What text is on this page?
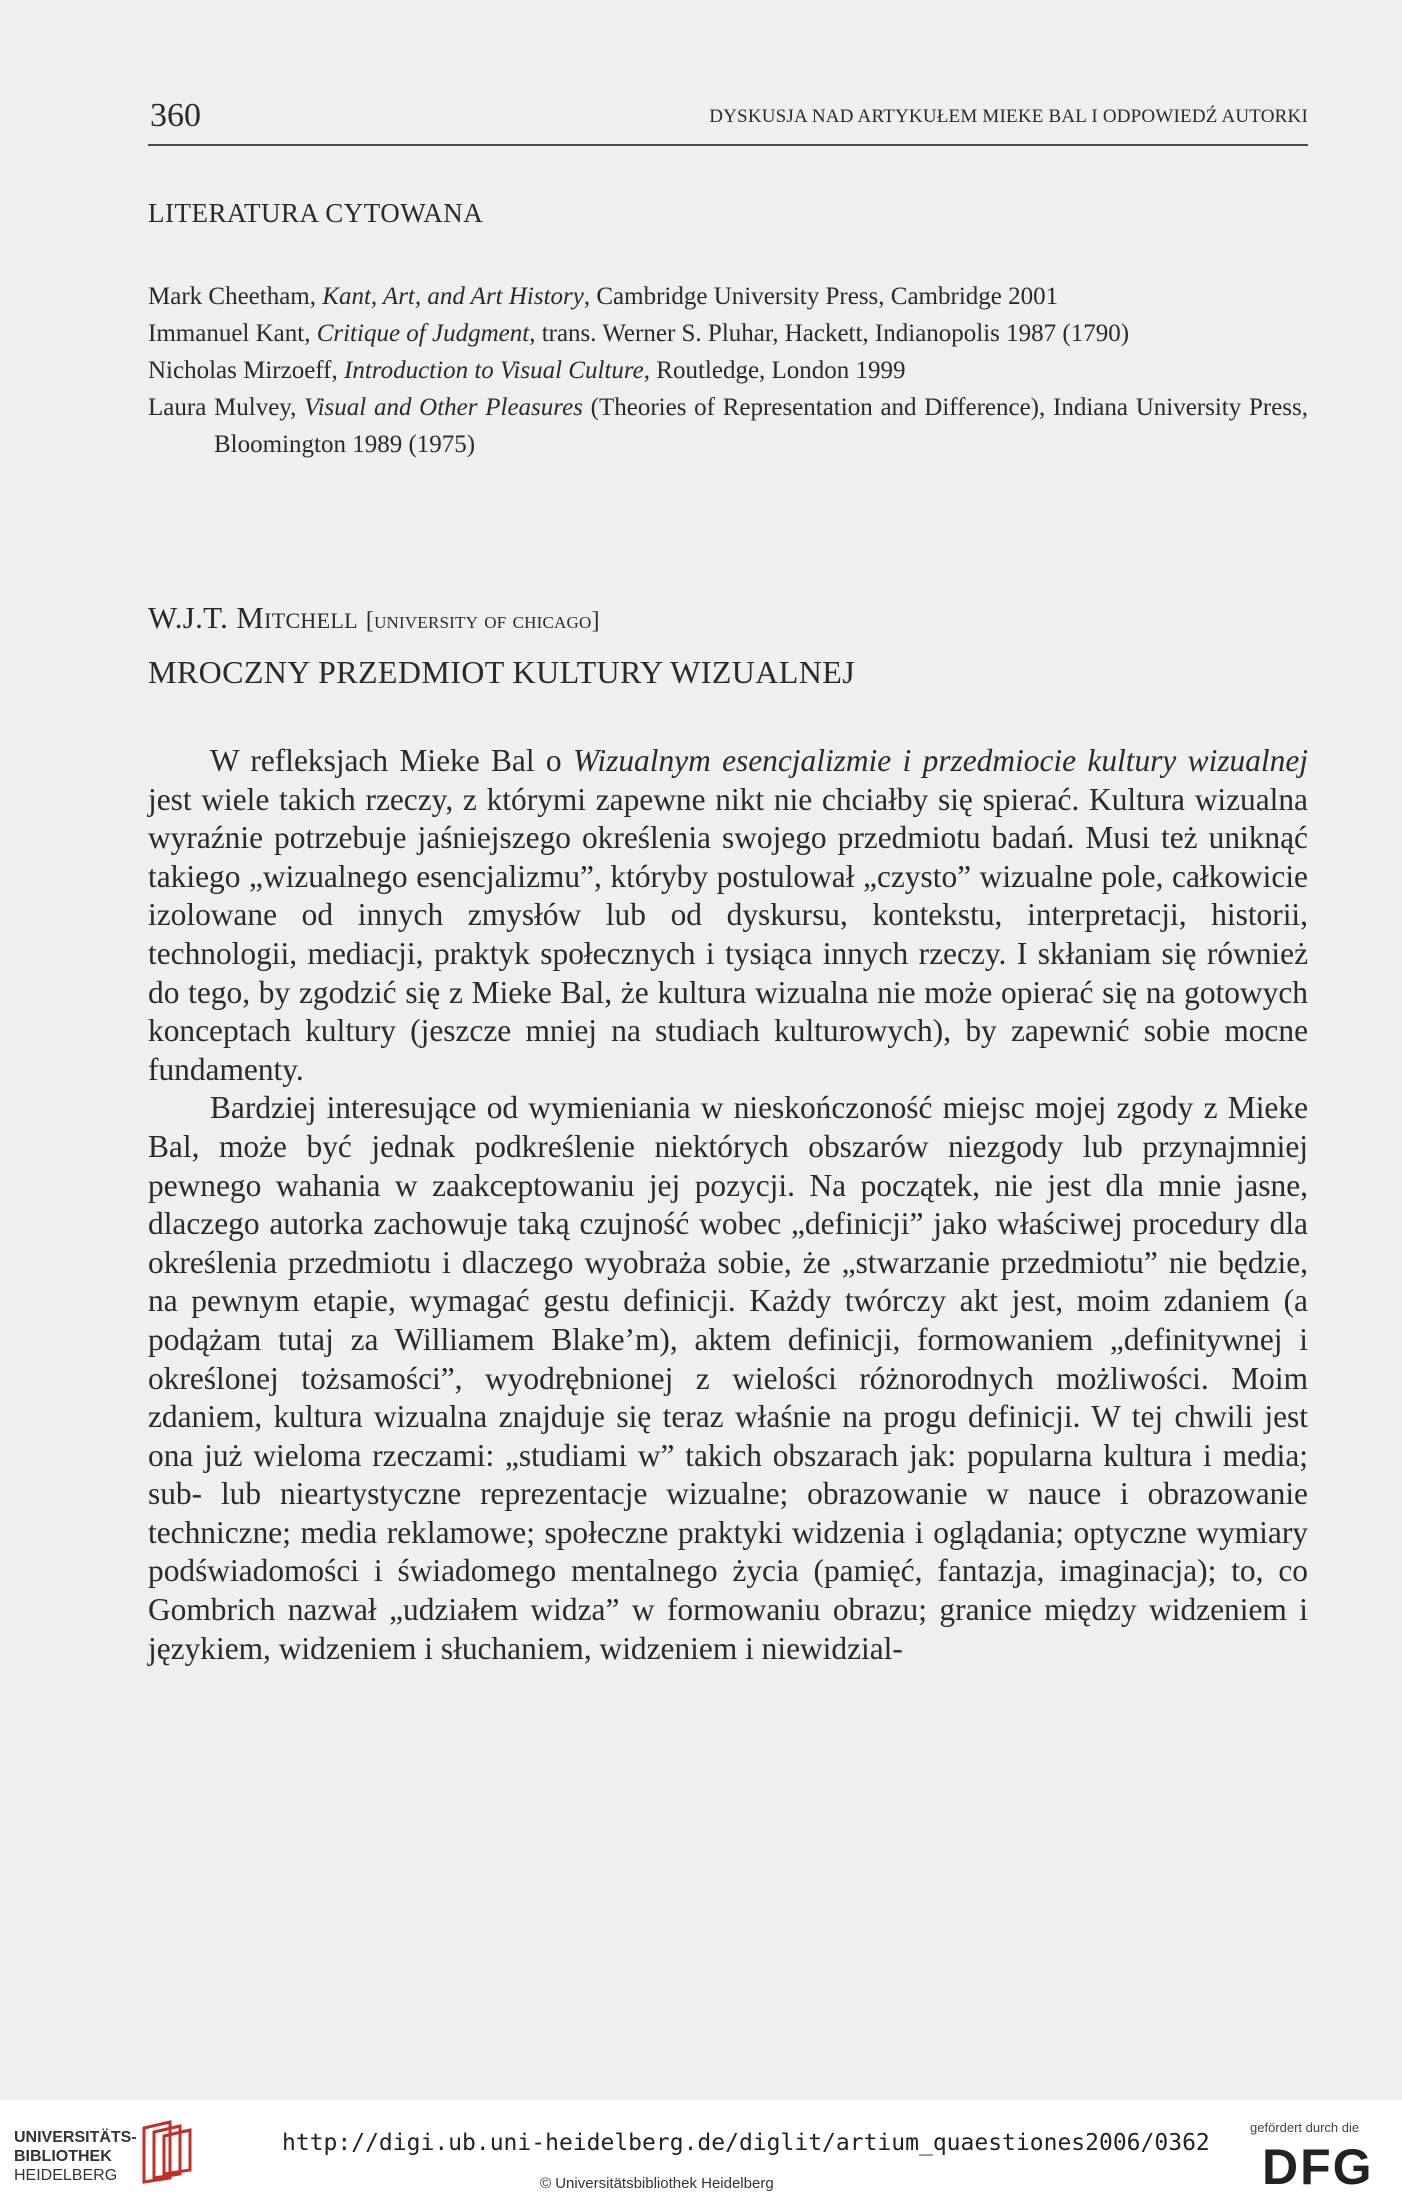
360	DYSKUSJA NAD ARTYKUŁEM MIEKE BAL I ODPOWIEDŹ AUTORKI
LITERATURA CYTOWANA
Mark Cheetham, Kant, Art, and Art History, Cambridge University Press, Cambridge 2001
Immanuel Kant, Critique of Judgment, trans. Werner S. Pluhar, Hackett, Indianopolis 1987 (1790)
Nicholas Mirzoeff, Introduction to Visual Culture, Routledge, London 1999
Laura Mulvey, Visual and Other Pleasures (Theories of Representation and Difference), Indiana University Press, Bloomington 1989 (1975)
W.J.T. Mitchell [university of chicago]
MROCZNY PRZEDMIOT KULTURY WIZUALNEJ

W refleksjach Mieke Bal o Wizualnym esencjalizmie i przedmiocie kultury wizualnej jest wiele takich rzeczy, z którymi zapewne nikt nie chciałby się spierać. Kultura wizualna wyraźnie potrzebuje jaśniejszego określenia swojego przedmiotu badań. Musi też uniknąć takiego „wizualnego esencjalizmu”, któryby postulował „czysto” wizualne pole, całkowicie izolowane od innych zmysłów lub od dyskursu, kontekstu, interpretacji, historii, technologii, mediacji, praktyk społecznych i tysiąca innych rzeczy. I skłaniam się również do tego, by zgodzić się z Mieke Bal, że kultura wizualna nie może opierać się na gotowych konceptach kultury (jeszcze mniej na studiach kulturowych), by zapewnić sobie mocne fundamenty.

Bardziej interesujące od wymieniania w nieskończoność miejsc mojej zgody z Mieke Bal, może być jednak podkreślenie niektórych obszarów niezgody lub przynajmniej pewnego wahania w zaakceptowaniu jej pozycji. Na początek, nie jest dla mnie jasne, dlaczego autorka zachowuje taką czujność wobec „definicji” jako właściwej procedury dla określenia przedmiotu i dlaczego wyobraża sobie, że „stwarzanie przedmiotu” nie będzie, na pewnym etapie, wymagać gestu definicji. Każdy twórczy akt jest, moim zdaniem (a podążam tutaj za Williamem Blake’m), aktem definicji, formowaniem „definitywnej i określonej tożsamości”, wyodrębnionej z wielości różnorodnych możliwości. Moim zdaniem, kultura wizualna znajduje się teraz właśnie na progu definicji. W tej chwili jest ona już wieloma rzeczami: „studiami w” takich obszarach jak: popularna kultura i media; sub- lub nieartystyczne reprezentacje wizualne; obrazowanie w nauce i obrazowanie techniczne; media reklamowe; społeczne praktyki widzenia i oglądania; optyczne wymiary podświadomości i świadomego mentalnego życia (pamięć, fantazja, imaginacja); to, co Gombrich nazwał „udziałem widza” w formowaniu obrazu; granice między widzeniem i językiem, widzeniem i słuchaniem, widzeniem i niewidzial-

UNIVERSITÄTS-
BIBLIOTHEK
HEIDELBERG
http://digi.ub.uni-heidelberg.de/diglit/artium_quaestiones2006/0362
© Universitätsbibliothek Heidelberg
gefördert durch die
DFG
